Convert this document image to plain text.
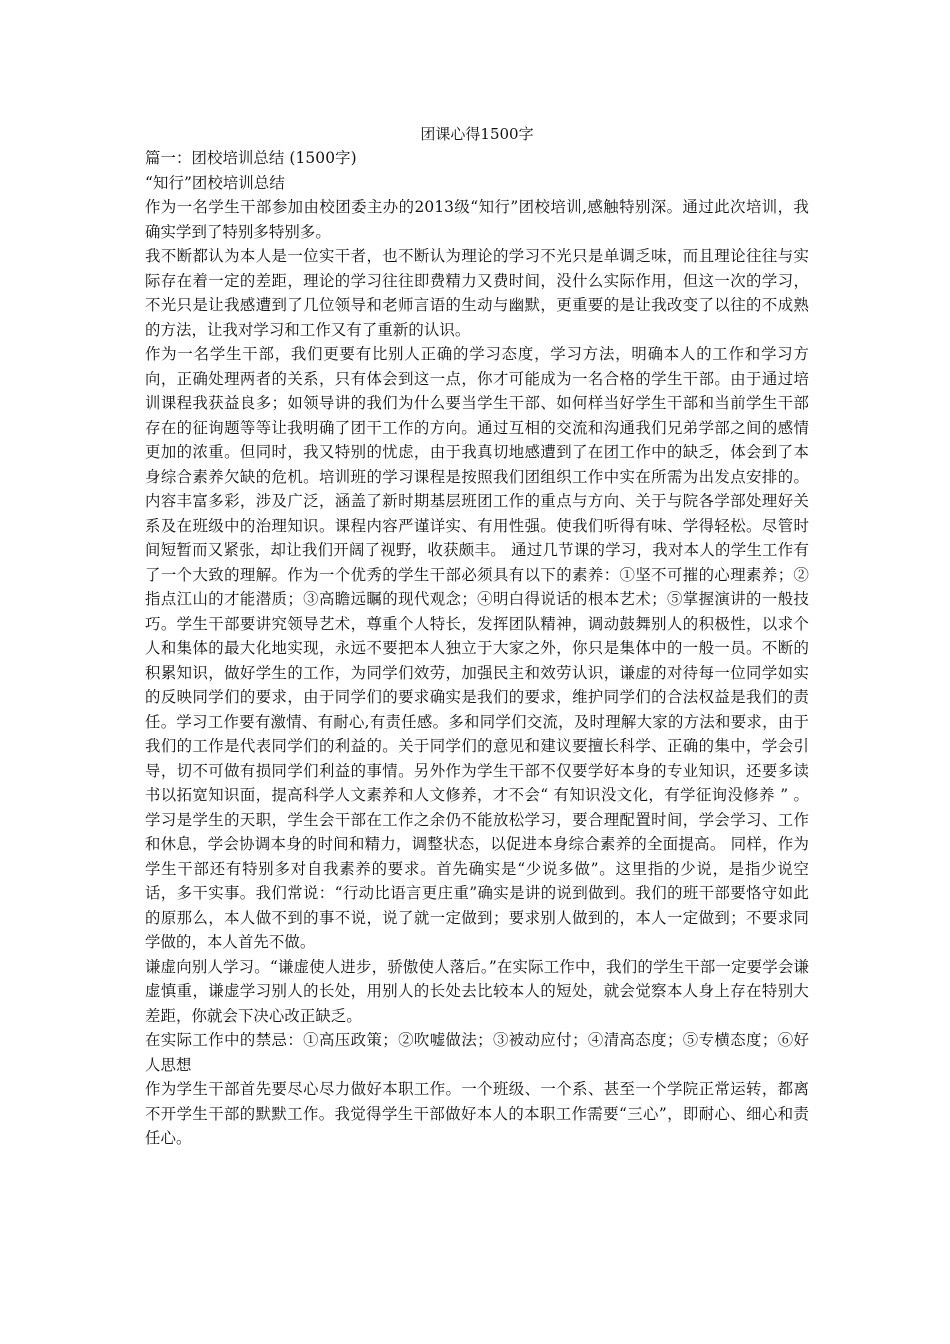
团课心得1500字

篇一：团校培训总结 (1500字)

“知行”团校培训总结

作为一名学生干部参加由校团委主办的2013级“知行”团校培训,感触特别深。通过此次培训，我确实学到了特别多特别多。

我不断都认为本人是一位实干者，也不断认为理论的学习不光只是单调乏味，而且理论往往与实际存在着一定的差距，理论的学习往往即费精力又费时间，没什么实际作用，但这一次的学习，不光只是让我感遭到了几位领导和老师言语的生动与幽默，更重要的是让我改变了以往的不成熟的方法，让我对学习和工作又有了重新的认识。

作为一名学生干部，我们更要有比别人正确的学习态度，学习方法，明确本人的工作和学习方向，正确处理两者的关系，只有体会到这一点，你才可能成为一名合格的学生干部。由于通过培训课程我获益良多；如领导讲的我们为什么要当学生干部、如何样当好学生干部和当前学生干部存在的征询题等等让我明确了团干工作的方向。通过互相的交流和沟通我们兄弟学部之间的感情更加的浓重。但同时，我又特别的忧虑，由于我真切地感遭到了在团工作中的缺乏，体会到了本身综合素养欠缺的危机。培训班的学习课程是按照我们团组织工作中实在所需为出发点安排的。内容丰富多彩，涉及广泛，涵盖了新时期基层班团工作的重点与方向、关于与院各学部处理好关系及在班级中的治理知识。课程内容严谨详实、有用性强。使我们听得有味、学得轻松。尽管时间短暂而又紧张，却让我们开阔了视野，收获颇丰。 通过几节课的学习，我对本人的学生工作有了一个大致的理解。作为一个优秀的学生干部必须具有以下的素养：①坚不可摧的心理素养；②指点江山的才能潜质；③高瞻远瞩的现代观念；④明白得说话的根本艺术；⑤掌握演讲的一般技巧。学生干部要讲究领导艺术，尊重个人特长，发挥团队精神，调动鼓舞别人的积极性，以求个人和集体的最大化地实现，永远不要把本人独立于大家之外，你只是集体中的一般一员。不断的积累知识，做好学生的工作，为同学们效劳，加强民主和效劳认识，谦虚的对待每一位同学如实的反映同学们的要求，由于同学们的要求确实是我们的要求，维护同学们的合法权益是我们的责任。学习工作要有激情、有耐心,有责任感。多和同学们交流，及时理解大家的方法和要求，由于我们的工作是代表同学们的利益的。关于同学们的意见和建议要擅长科学、正确的集中，学会引导，切不可做有损同学们利益的事情。另外作为学生干部不仅要学好本身的专业知识，还要多读书以拓宽知识面，提高科学人文素养和人文修养，才不会“ 有知识没文化，有学征询没修养 ” 。学习是学生的天职，学生会干部在工作之余仍不能放松学习，要合理配置时间，学会学习、工作和休息，学会协调本身的时间和精力，调整状态，以促进本身综合素养的全面提高。 同样，作为学生干部还有特别多对自我素养的要求。首先确实是“少说多做”。这里指的少说，是指少说空话，多干实事。我们常说：“行动比语言更庄重”确实是讲的说到做到。我们的班干部要恪守如此的原那么，本人做不到的事不说，说了就一定做到；要求别人做到的，本人一定做到；不要求同学做的，本人首先不做。

谦虚向别人学习。“谦虚使人进步，骄傲使人落后。”在实际工作中，我们的学生干部一定要学会谦虚慎重，谦虚学习别人的长处，用别人的长处去比较本人的短处，就会觉察本人身上存在特别大差距，你就会下决心改正缺乏。

在实际工作中的禁忌：①高压政策；②吹嘘做法；③被动应付；④清高态度；⑤专横态度；⑥好人思想

作为学生干部首先要尽心尽力做好本职工作。一个班级、一个系、甚至一个学院正常运转，都离不开学生干部的默默工作。我觉得学生干部做好本人的本职工作需要“三心”，即耐心、细心和责任心。
